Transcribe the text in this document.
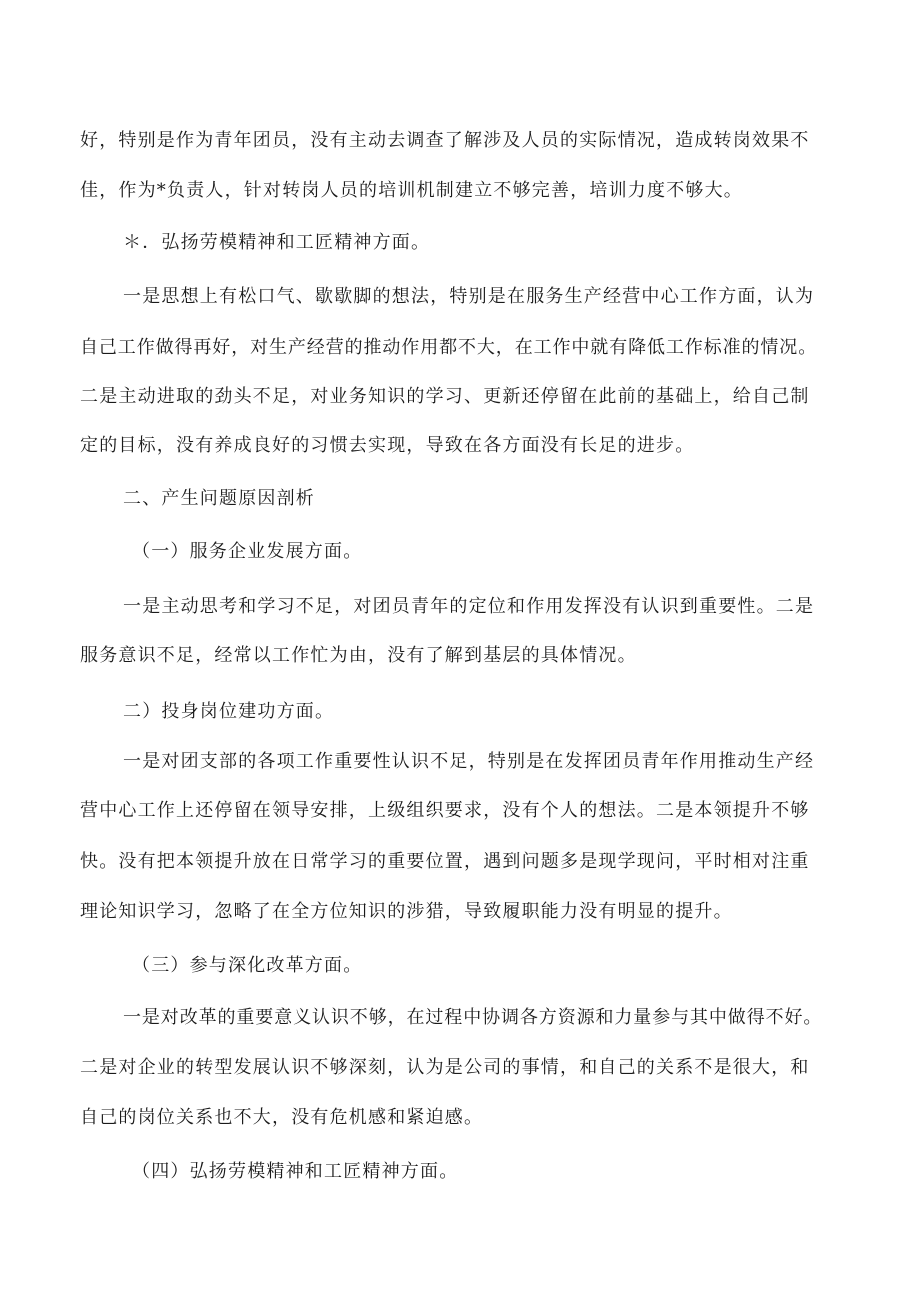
好，特别是作为青年团员，没有主动去调查了解涉及人员的实际情况，造成转岗效果不

佳，作为*负责人，针对转岗人员的培训机制建立不够完善，培训力度不够大。

＊．弘扬劳模精神和工匠精神方面。

一是思想上有松口气、歇歇脚的想法，特别是在服务生产经营中心工作方面，认为

自己工作做得再好，对生产经营的推动作用都不大，在工作中就有降低工作标准的情况。

二是主动进取的劲头不足，对业务知识的学习、更新还停留在此前的基础上，给自己制

定的目标，没有养成良好的习惯去实现，导致在各方面没有长足的进步。

二、产生问题原因剖析

（一）服务企业发展方面。

一是主动思考和学习不足，对团员青年的定位和作用发挥没有认识到重要性。二是

服务意识不足，经常以工作忙为由，没有了解到基层的具体情况。

二）投身岗位建功方面。

一是对团支部的各项工作重要性认识不足，特别是在发挥团员青年作用推动生产经

营中心工作上还停留在领导安排，上级组织要求，没有个人的想法。二是本领提升不够

快。没有把本领提升放在日常学习的重要位置，遇到问题多是现学现问，平时相对注重

理论知识学习，忽略了在全方位知识的涉猎，导致履职能力没有明显的提升。

（三）参与深化改革方面。

一是对改革的重要意义认识不够，在过程中协调各方资源和力量参与其中做得不好。

二是对企业的转型发展认识不够深刻，认为是公司的事情，和自己的关系不是很大，和

自己的岗位关系也不大，没有危机感和紧迫感。

（四）弘扬劳模精神和工匠精神方面。
